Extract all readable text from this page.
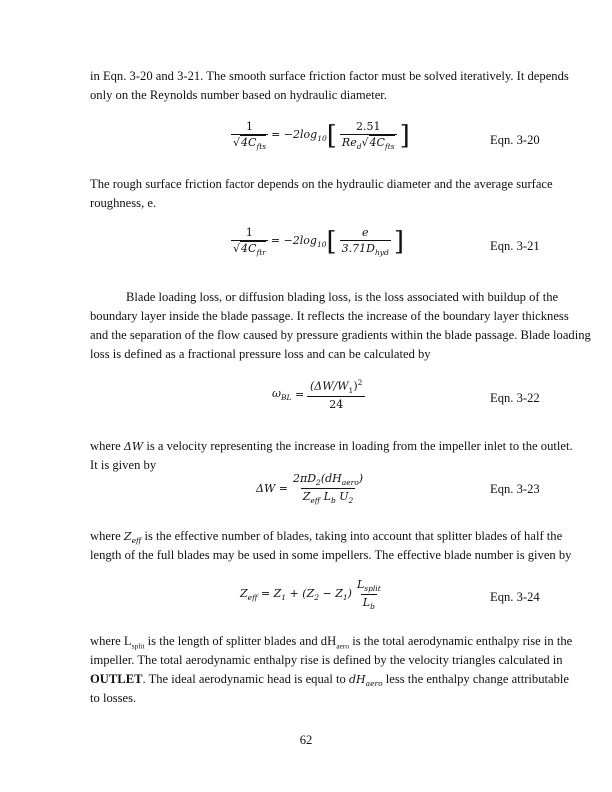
in Eqn. 3-20 and 3-21. The smooth surface friction factor must be solved iteratively. It depends
only on the Reynolds number based on hydraulic diameter.
$\frac{1}{√4C_{fts}} = -2\log_{10}$ [ $\frac{2.51}{Re_d√4C_{fts}}$ ]	Eqn. 3-20
The rough surface friction factor depends on the hydraulic diameter and the average surface
roughness, e.
$\frac{1}{√4C_{ftr}} = -2\log_{10}$ [ $\frac{e}{3.71D_{hyd}}$ ]	Eqn. 3-21
Blade loading loss, or diffusion blading loss, is the loss associated with buildup of the
boundary layer inside the blade passage. It reflects the increase of the boundary layer thickness
and the separation of the flow caused by pressure gradients within the blade passage. Blade loading
loss is defined as a fractional pressure loss and can be calculated by
$\omega_{BL}$
= $\frac{(\Delta W/W_1)^2}{24}$	Eqn. 3-22
where ΔW is a velocity representing the increase in loading from the impeller inlet to the outlet.
It is given by
$\Delta W = \frac{2\pi D_2(dH_{aero})}{Z_{eff} L_b U_2}$	Eqn. 3-23
where $Z_{eff}$ is the effective number of blades, taking into account that splitter blades of half the
length of the full blades may be used in some impellers. The effective blade number is given by
$Z_{eff} = Z_1 + (Z_2 - Z_1) \frac{L_{split}}{L_b}$	Eqn. 3-24
where $L_{split}$ is the length of splitter blades and $dH_{aero}$ is the total aerodynamic enthalpy rise in the
impeller. The total aerodynamic enthalpy rise is defined by the velocity triangles calculated in
OUTLET. The ideal aerodynamic head is equal to $dH_{aero}$ less the enthalpy change attributable
to losses.
62
